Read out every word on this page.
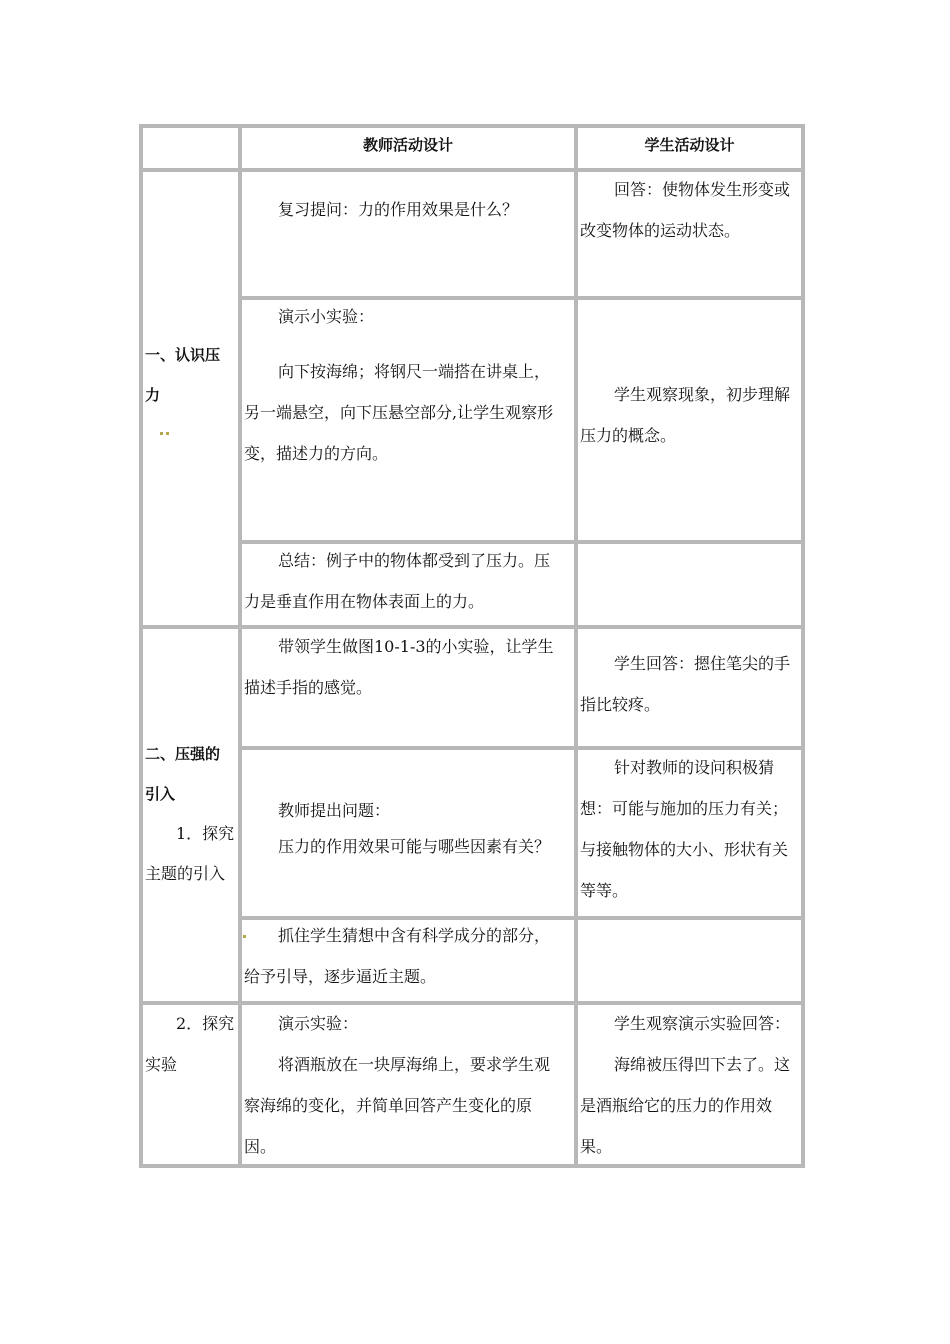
教师活动设计	学生活动设计

一、认识压

力

复习提问：力的作用效果是什么？

回答：使物体发生形变或

改变物体的运动状态。

演示小实验：

向下按海绵；将钢尺一端搭在讲桌上，

另一端悬空，向下压悬空部分,让学生观察形

变，描述力的方向。

学生观察现象，初步理解

压力的概念。

总结：例子中的物体都受到了压力。压

力是垂直作用在物体表面上的力。

二、压强的

引入

1．探究

主题的引入

带领学生做图10-1-3的小实验，让学生

描述手指的感觉。

学生回答：摁住笔尖的手

指比较疼。

教师提出问题：

压力的作用效果可能与哪些因素有关？

针对教师的设问积极猜

想：可能与施加的压力有关；

与接触物体的大小、形状有关

等等。

抓住学生猜想中含有科学成分的部分，

给予引导，逐步逼近主题。

2．探究

实验

演示实验：

将酒瓶放在一块厚海绵上，要求学生观

察海绵的变化，并简单回答产生变化的原

因。

学生观察演示实验回答：

海绵被压得凹下去了。这

是酒瓶给它的压力的作用效

果。
